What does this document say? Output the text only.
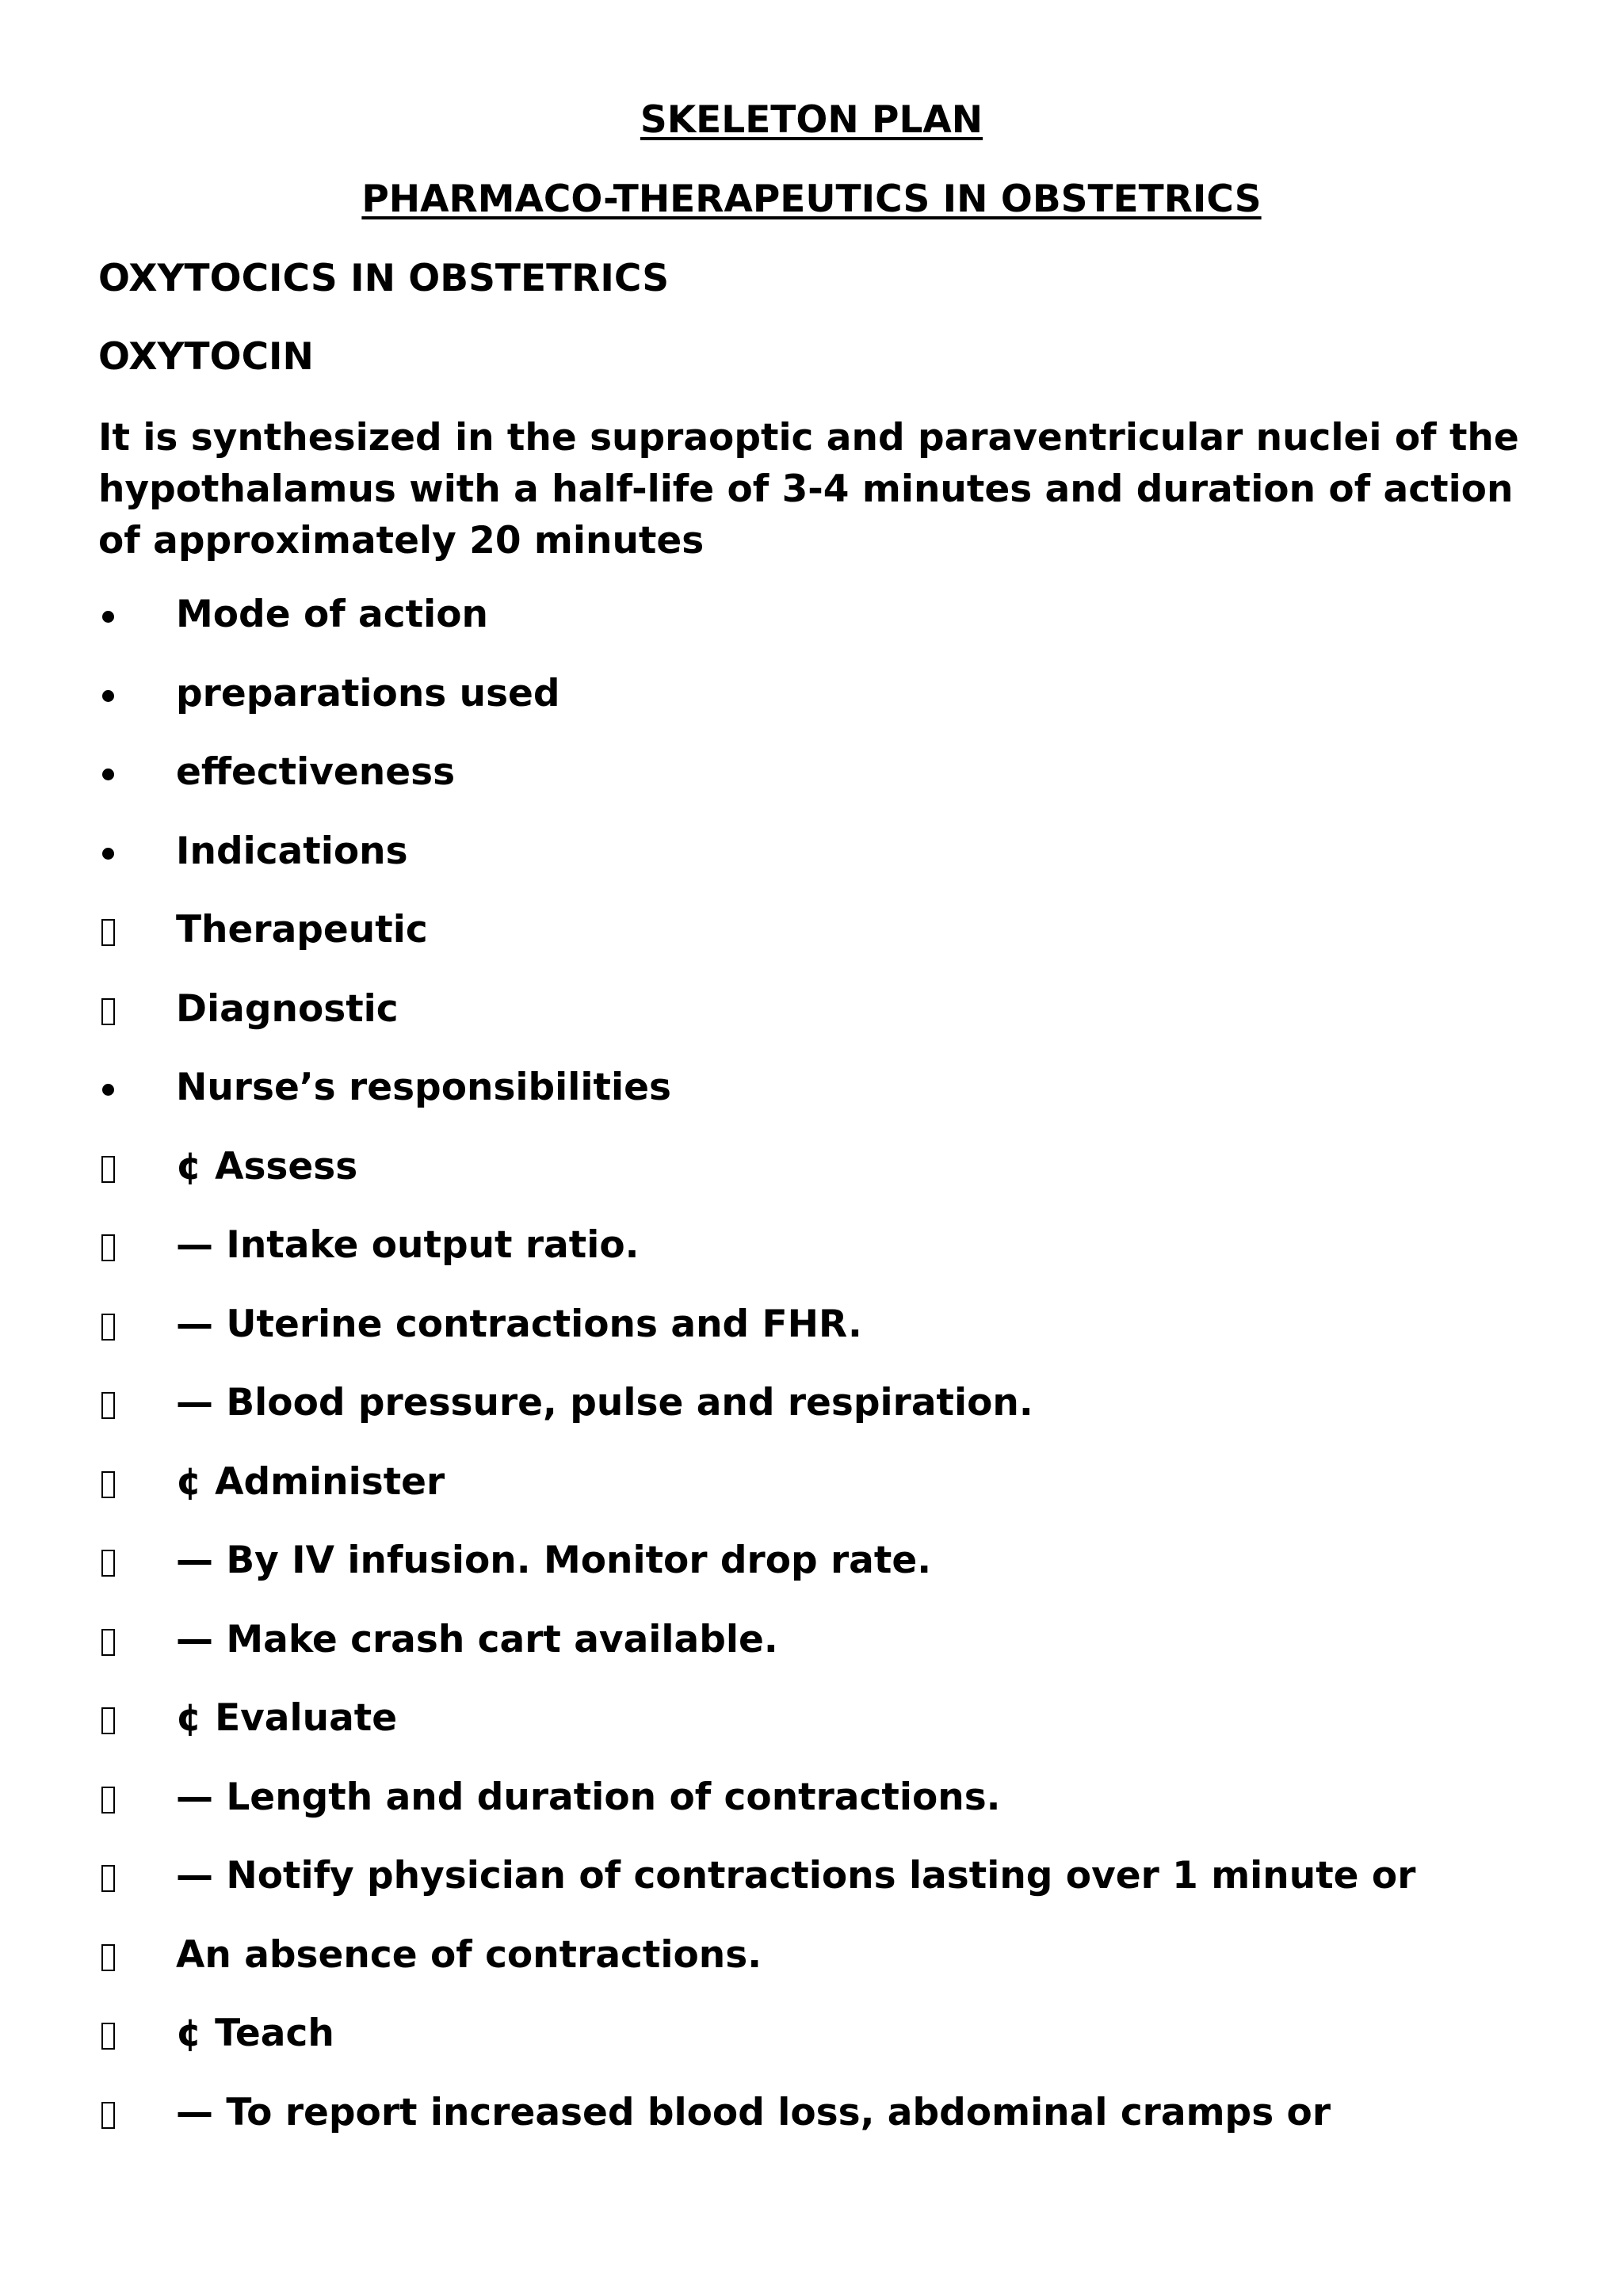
SKELETON PLAN
PHARMACO-THERAPEUTICS IN OBSTETRICS
OXYTOCICS IN OBSTETRICS
OXYTOCIN

It is synthesized in the supraoptic and paraventricular nuclei of the hypothalamus with a half-life of 3-4 minutes and duration of action of approximately 20 minutes

Mode of action
preparations used
effectiveness
Indications
Therapeutic
Diagnostic
Nurse’s responsibilities
¢ Assess
— Intake output ratio.
— Uterine contractions and FHR.
— Blood pressure, pulse and respiration.
¢ Administer
— By IV infusion. Monitor drop rate.
— Make crash cart available.
¢ Evaluate
— Length and duration of contractions.
— Notify physician of contractions lasting over 1 minute or
An absence of contractions.
¢ Teach
— To report increased blood loss, abdominal cramps or
